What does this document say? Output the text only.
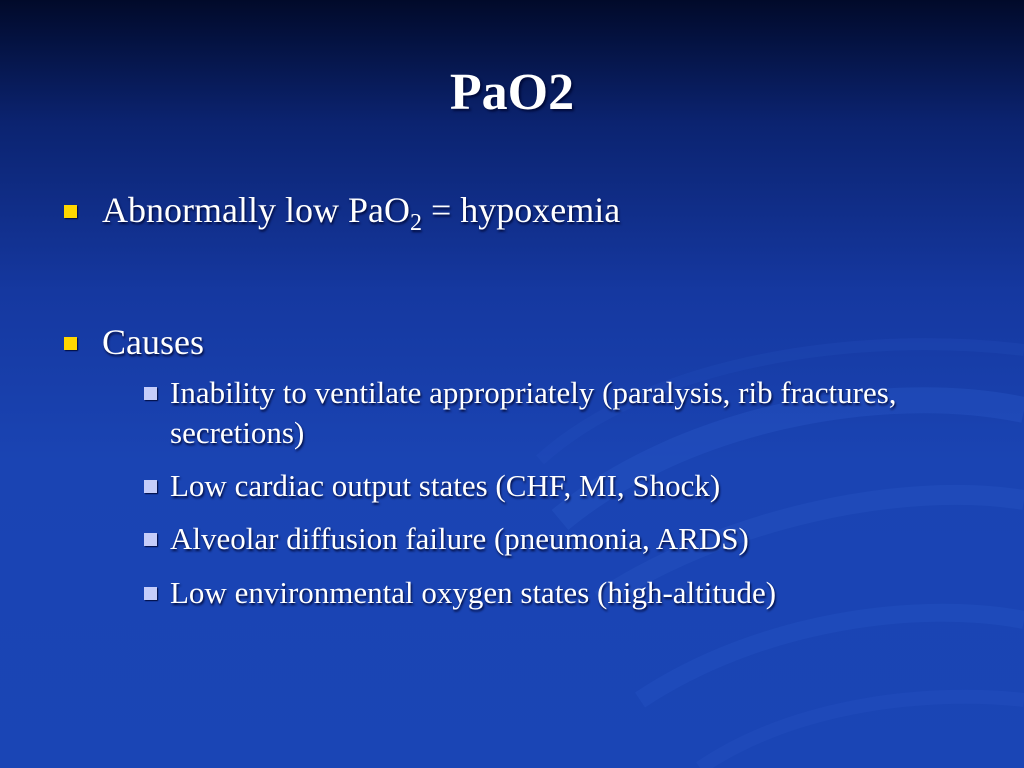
PaO2
Abnormally low PaO$_2$ = hypoxemia
Causes
Inability to ventilate appropriately (paralysis, rib fractures, secretions)
Low cardiac output states (CHF, MI, Shock)
Alveolar diffusion failure (pneumonia, ARDS)
Low environmental oxygen states (high-altitude)
